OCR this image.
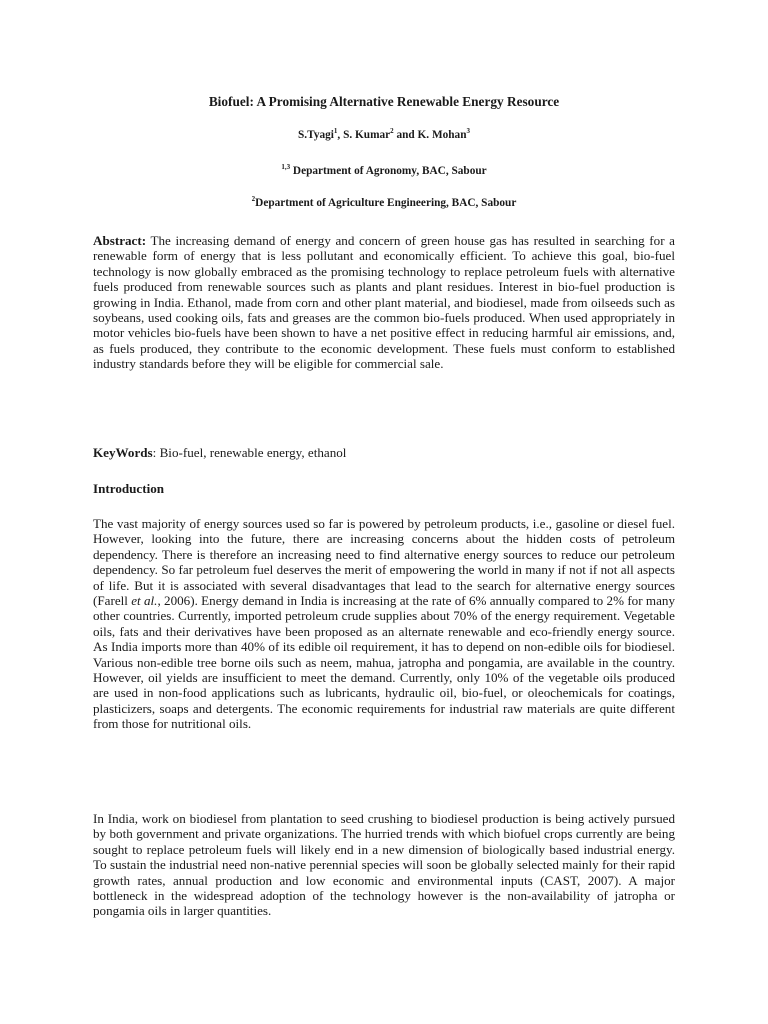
Biofuel: A Promising Alternative Renewable Energy Resource

S.Tyagi$^1$, S. Kumar$^2$ and K. Mohan$^3$

$^{1,3}$ Department of Agronomy, BAC, Sabour

$^2$Department of Agriculture Engineering, BAC, Sabour

Abstract: The increasing demand of energy and concern of green house gas has resulted in searching for a renewable form of energy that is less pollutant and economically efficient. To achieve this goal, bio-fuel technology is now globally embraced as the promising technology to replace petroleum fuels with alternative fuels produced from renewable sources such as plants and plant residues. Interest in bio-fuel production is growing in India. Ethanol, made from corn and other plant material, and biodiesel, made from oilseeds such as soybeans, used cooking oils, fats and greases are the common bio-fuels produced. When used appropriately in motor vehicles bio-fuels have been shown to have a net positive effect in reducing harmful air emissions, and, as fuels produced, they contribute to the economic development. These fuels must conform to established industry standards before they will be eligible for commercial sale.

KeyWords: Bio-fuel, renewable energy, ethanol

Introduction

The vast majority of energy sources used so far is powered by petroleum products, i.e., gasoline or diesel fuel. However, looking into the future, there are increasing concerns about the hidden costs of petroleum dependency. There is therefore an increasing need to find alternative energy sources to reduce our petroleum dependency. So far petroleum fuel deserves the merit of empowering the world in many if not if not all aspects of life. But it is associated with several disadvantages that lead to the search for alternative energy sources (Farell et al., 2006). Energy demand in India is increasing at the rate of 6% annually compared to 2% for many other countries. Currently, imported petroleum crude supplies about 70% of the energy requirement. Vegetable oils, fats and their derivatives have been proposed as an alternate renewable and eco-friendly energy source. As India imports more than 40% of its edible oil requirement, it has to depend on non-edible oils for biodiesel. Various non-edible tree borne oils such as neem, mahua, jatropha and pongamia, are available in the country. However, oil yields are insufficient to meet the demand. Currently, only 10% of the vegetable oils produced are used in non-food applications such as lubricants, hydraulic oil, bio-fuel, or oleochemicals for coatings, plasticizers, soaps and detergents. The economic requirements for industrial raw materials are quite different from those for nutritional oils.

In India, work on biodiesel from plantation to seed crushing to biodiesel production is being actively pursued by both government and private organizations. The hurried trends with which biofuel crops currently are being sought to replace petroleum fuels will likely end in a new dimension of biologically based industrial energy. To sustain the industrial need non-native perennial species will soon be globally selected mainly for their rapid growth rates, annual production and low economic and environmental inputs (CAST, 2007). A major bottleneck in the widespread adoption of the technology however is the non-availability of jatropha or pongamia oils in larger quantities.
